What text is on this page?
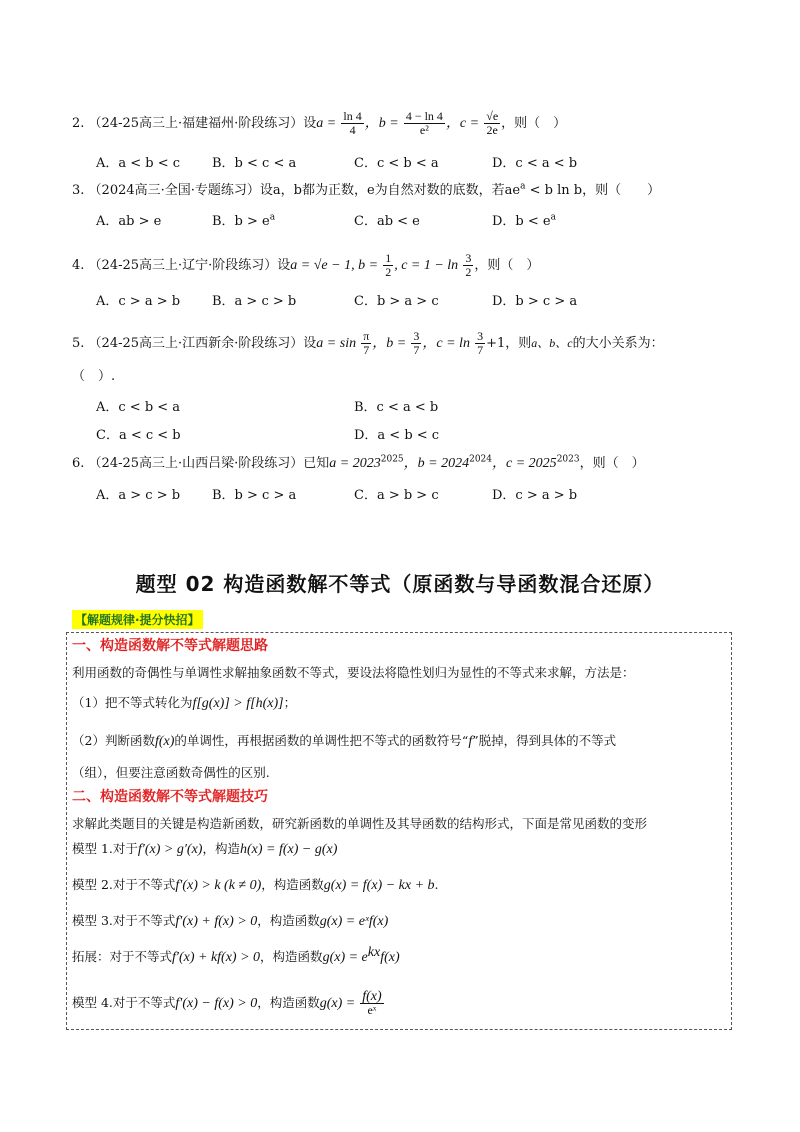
2. （24-25高三上·福建福州·阶段练习）设$a = \frac{\ln 4}{4}$ ，$b = \frac{4 - \ln 4}{\text{e²}}$ ，$c = \frac{√e}{2e}$ ，则（　）
A．a < b < c B．b < c < a	C．c < b < a	D．c < a < b
3. （2024高三·全国·专题练习）设a，b都为正数，e为自然对数的底数，若$ae^a < b$ ln b，则（　　）
A．ab > e	B．$b > e^a$	C．ab < e	D．$b < e^a$
4. （24-25高三上·辽宁·阶段练习）设a = √e − 1, $b = \frac{1}{2}$ , $c = 1 - \ln \frac{3}{2}$ ，则（　）
A．c > a > b B．a > c > b	C．b > a > c	D．b > c > a
5. （24-25高三上·江西新余·阶段练习）设$a = \sin \frac{\pi}{7}$ ，$b = \frac{3}{7}$ ，$c = \ln \frac{3}{7} +1$，则a、b、c的大小关系为：
（　）.
A．c < b < a	B．c < a < b
C．a < c < b	D．a < b < c
6. （24-25高三上·山西吕梁·阶段练习）已知$a = 2023^{2025}$，$b = 2024^{2024}$，$c = 2025^{2023}$，则（　）
A．a > c > b B．b > c > a	C．a > b > c	D．c > a > b
题型 02 构造函数解不等式（原函数与导函数混合还原）
【解题规律·提分快招】
一、构造函数解不等式解题思路
利用函数的奇偶性与单调性求解抽象函数不等式，要设法将隐性划归为显性的不等式来求解，方法是：
（1）把不等式转化为f[g(x)] > f[h(x)]；
（2）判断函数f(x)的单调性，再根据函数的单调性把不等式的函数符号“f”脱掉，得到具体的不等式
（组），但要注意函数奇偶性的区别.
二、构造函数解不等式解题技巧
求解此类题目的关键是构造新函数，研究新函数的单调性及其导函数的结构形式，下面是常见函数的变形
模型 1.对于f′(x) > g′(x)，构造h(x) = f(x) − g(x)
模型 2.对于不等式f′(x) > k (k ≠ 0)，构造函数g(x) = f(x) − kx + b.
模型 3.对于不等式f′(x) + f(x) > 0，构造函数g(x) = eˣf(x)
拓展：对于不等式f′(x) + kf(x) > 0，构造函数$g(x) = e^{kx}f(x)$
模型 4.对于不等式f′(x) − f(x) > 0，构造函数$g(x) = \frac{f(x)}{\text{eˣ}}$
